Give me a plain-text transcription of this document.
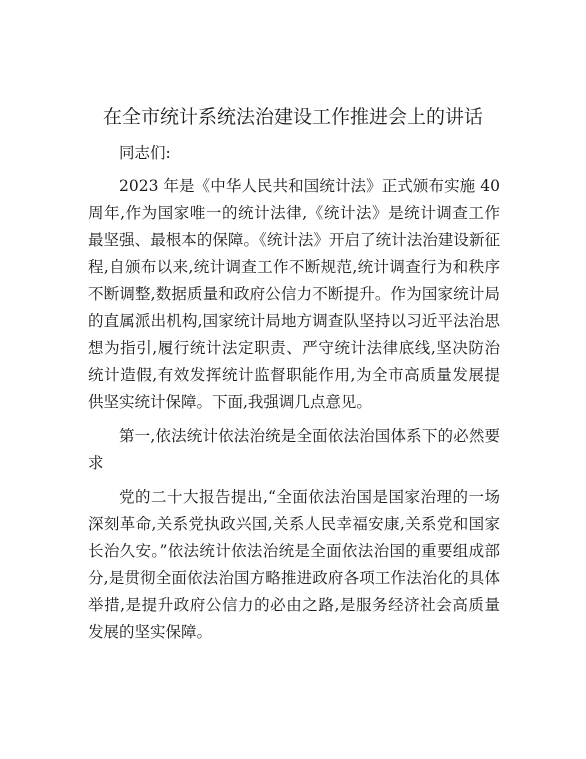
在全市统计系统法治建设工作推进会上的讲话

同志们:

2023 年是《中华人民共和国统计法》正式颁布实施 40 周年,作为国家唯一的统计法律,《统计法》是统计调查工作最坚强、最根本的保障。《统计法》开启了统计法治建设新征程,自颁布以来,统计调查工作不断规范,统计调查行为和秩序不断调整,数据质量和政府公信力不断提升。作为国家统计局的直属派出机构,国家统计局地方调查队坚持以习近平法治思想为指引,履行统计法定职责、严守统计法律底线,坚决防治统计造假,有效发挥统计监督职能作用,为全市高质量发展提供坚实统计保障。下面,我强调几点意见。

第一,依法统计依法治统是全面依法治国体系下的必然要求

党的二十大报告提出,“全面依法治国是国家治理的一场深刻革命,关系党执政兴国,关系人民幸福安康,关系党和国家长治久安。”依法统计依法治统是全面依法治国的重要组成部分,是贯彻全面依法治国方略推进政府各项工作法治化的具体举措,是提升政府公信力的必由之路,是服务经济社会高质量发展的坚实保障。
